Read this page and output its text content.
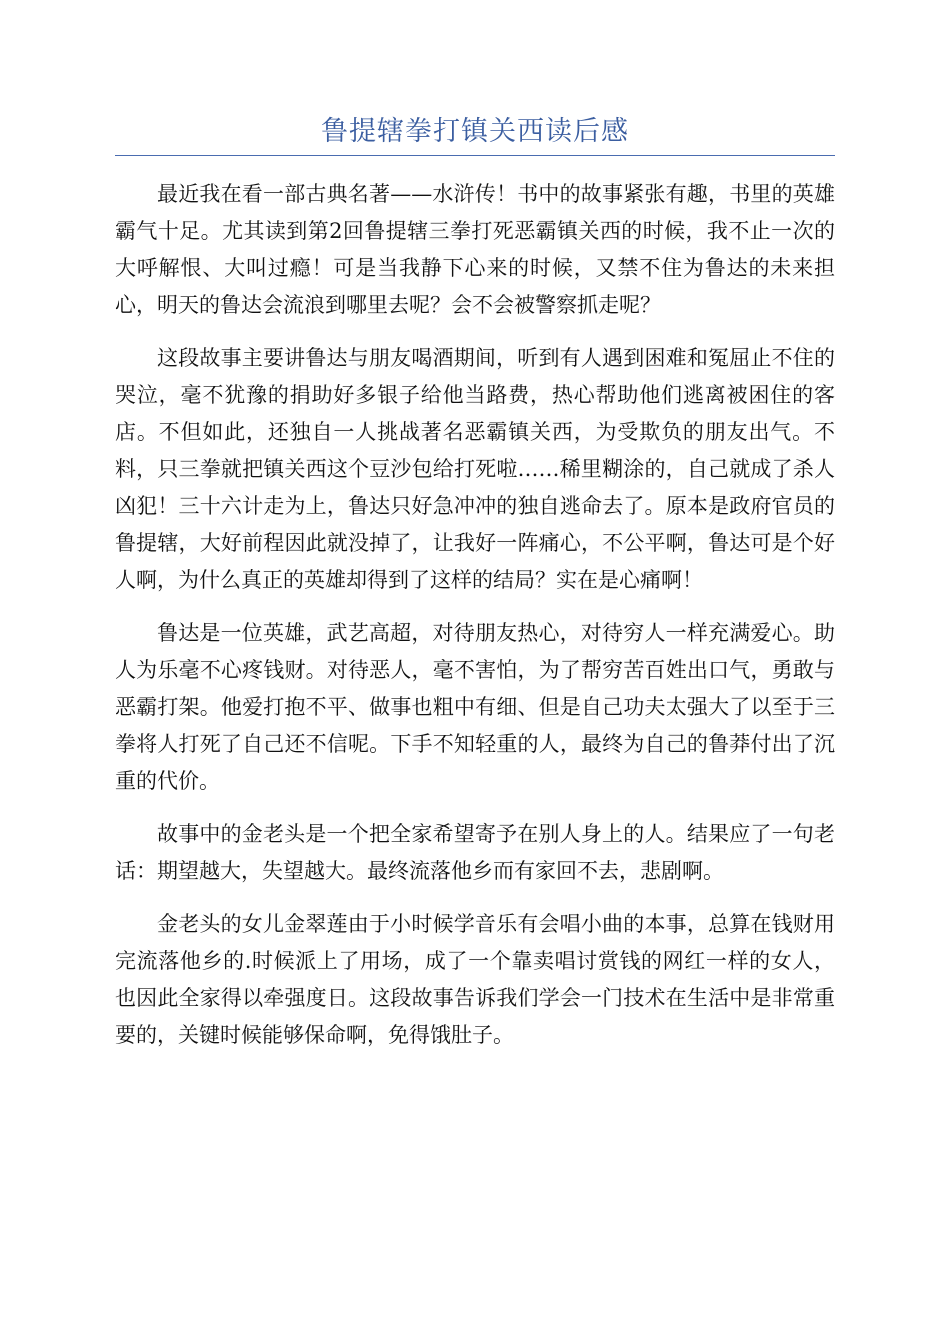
鲁提辖拳打镇关西读后感

最近我在看一部古典名著——水浒传！书中的故事紧张有趣，书里的英雄霸气十足。尤其读到第2回鲁提辖三拳打死恶霸镇关西的时候，我不止一次的大呼解恨、大叫过瘾！可是当我静下心来的时候，又禁不住为鲁达的未来担心，明天的鲁达会流浪到哪里去呢？会不会被警察抓走呢？

这段故事主要讲鲁达与朋友喝酒期间，听到有人遇到困难和冤屈止不住的哭泣，毫不犹豫的捐助好多银子给他当路费，热心帮助他们逃离被困住的客店。不但如此，还独自一人挑战著名恶霸镇关西，为受欺负的朋友出气。不料，只三拳就把镇关西这个豆沙包给打死啦……稀里糊涂的，自己就成了杀人凶犯！三十六计走为上，鲁达只好急冲冲的独自逃命去了。原本是政府官员的鲁提辖，大好前程因此就没掉了，让我好一阵痛心，不公平啊，鲁达可是个好人啊，为什么真正的英雄却得到了这样的结局？实在是心痛啊！

鲁达是一位英雄，武艺高超，对待朋友热心，对待穷人一样充满爱心。助人为乐毫不心疼钱财。对待恶人，毫不害怕，为了帮穷苦百姓出口气，勇敢与恶霸打架。他爱打抱不平、做事也粗中有细、但是自己功夫太强大了以至于三拳将人打死了自己还不信呢。下手不知轻重的人，最终为自己的鲁莽付出了沉重的代价。

故事中的金老头是一个把全家希望寄予在别人身上的人。结果应了一句老话：期望越大，失望越大。最终流落他乡而有家回不去，悲剧啊。

金老头的女儿金翠莲由于小时候学音乐有会唱小曲的本事，总算在钱财用完流落他乡的.时候派上了用场，成了一个靠卖唱讨赏钱的网红一样的女人，也因此全家得以牵强度日。这段故事告诉我们学会一门技术在生活中是非常重要的，关键时候能够保命啊，免得饿肚子。
